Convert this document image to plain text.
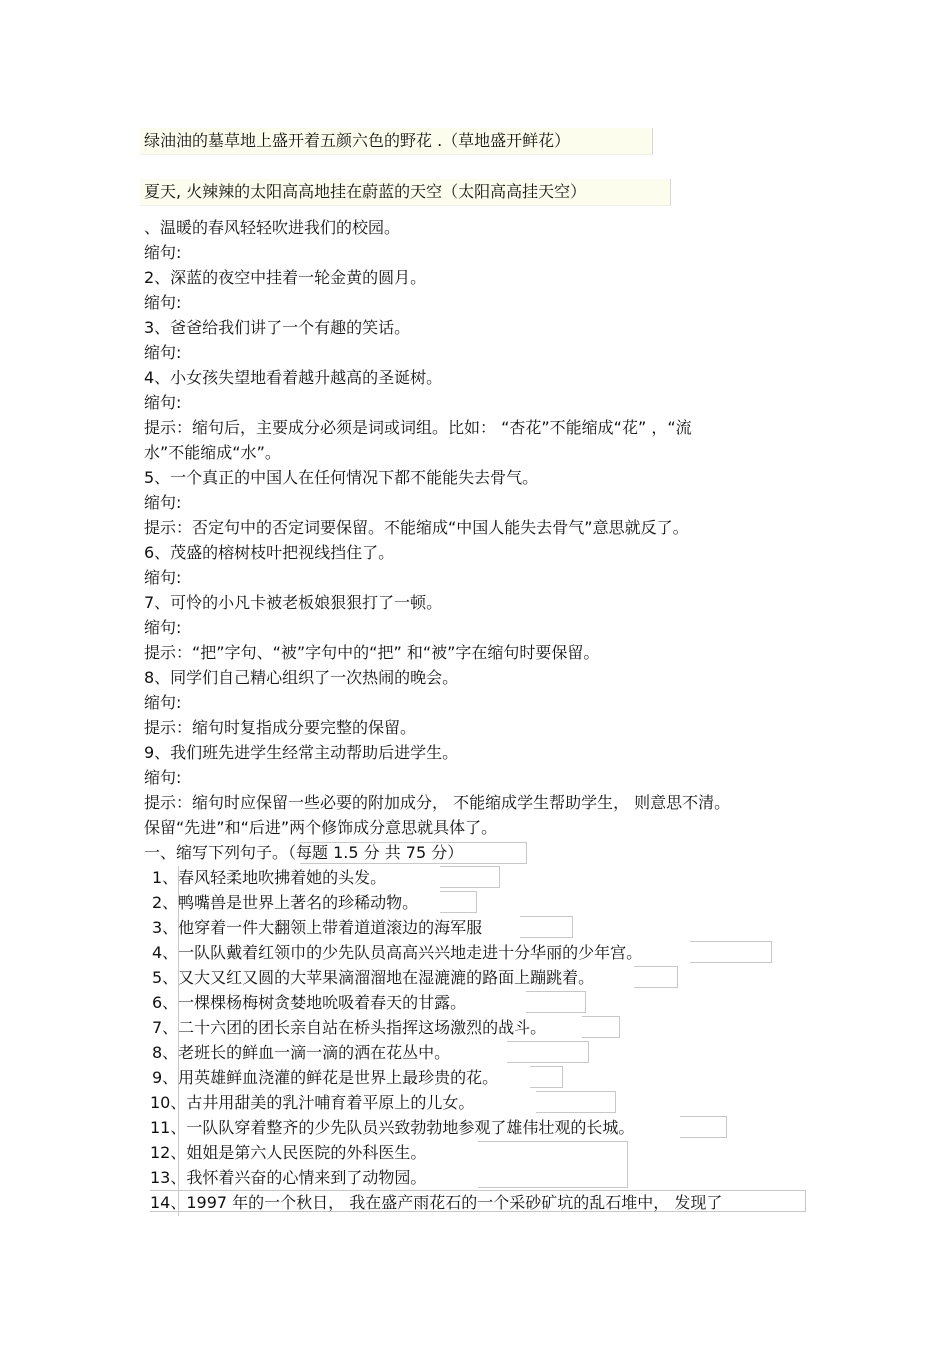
绿油油的墓草地上盛开着五颜六色的野花 .（草地盛开鲜花）
夏天, 火辣辣的太阳高高地挂在蔚蓝的天空（太阳高高挂天空）
、温暖的春风轻轻吹进我们的校园。
缩句:
2、深蓝的夜空中挂着一轮金黄的圆月。
缩句:
3、爸爸给我们讲了一个有趣的笑话。
缩句:
4、小女孩失望地看着越升越高的圣诞树。
缩句:
提示：缩句后，主要成分必须是词或词组。比如： “杏花”不能缩成“花” ，“流
水”不能缩成“水”。
5、一个真正的中国人在任何情况下都不能能失去骨气。
缩句:
提示：否定句中的否定词要保留。不能缩成“中国人能失去骨气”意思就反了。
6、茂盛的榕树枝叶把视线挡住了。
缩句:
7、可怜的小凡卡被老板娘狠狠打了一顿。
缩句:
提示：“把”字句、“被”字句中的“把” 和“被”字在缩句时要保留。
8、同学们自己精心组织了一次热闹的晚会。
缩句:
提示：缩句时复指成分要完整的保留。
9、我们班先进学生经常主动帮助后进学生。
缩句:
提示：缩句时应保留一些必要的附加成分， 不能缩成学生帮助学生， 则意思不清。
保留“先进”和“后进”两个修饰成分意思就具体了。
一、缩写下列句子。（每题 1.5 分 共 75 分）
1、春风轻柔地吹拂着她的头发。
2、鸭嘴兽是世界上著名的珍稀动物。
3、他穿着一件大翻领上带着道道滚边的海军服
4、一队队戴着红领巾的少先队员高高兴兴地走进十分华丽的少年宫。
5、又大又红又圆的大苹果滴溜溜地在湿漉漉的路面上蹦跳着。
6、一棵棵杨梅树贪婪地吮吸着春天的甘露。
7、二十六团的团长亲自站在桥头指挥这场激烈的战斗。
8、老班长的鲜血一滴一滴的洒在花丛中。
9、用英雄鲜血浇灌的鲜花是世界上最珍贵的花。
10、古井用甜美的乳汁哺育着平原上的儿女。
11、一队队穿着整齐的少先队员兴致勃勃地参观了雄伟壮观的长城。
12、姐姐是第六人民医院的外科医生。
13、我怀着兴奋的心情来到了动物园。
14、1997 年的一个秋日， 我在盛产雨花石的一个采砂矿坑的乱石堆中， 发现了
